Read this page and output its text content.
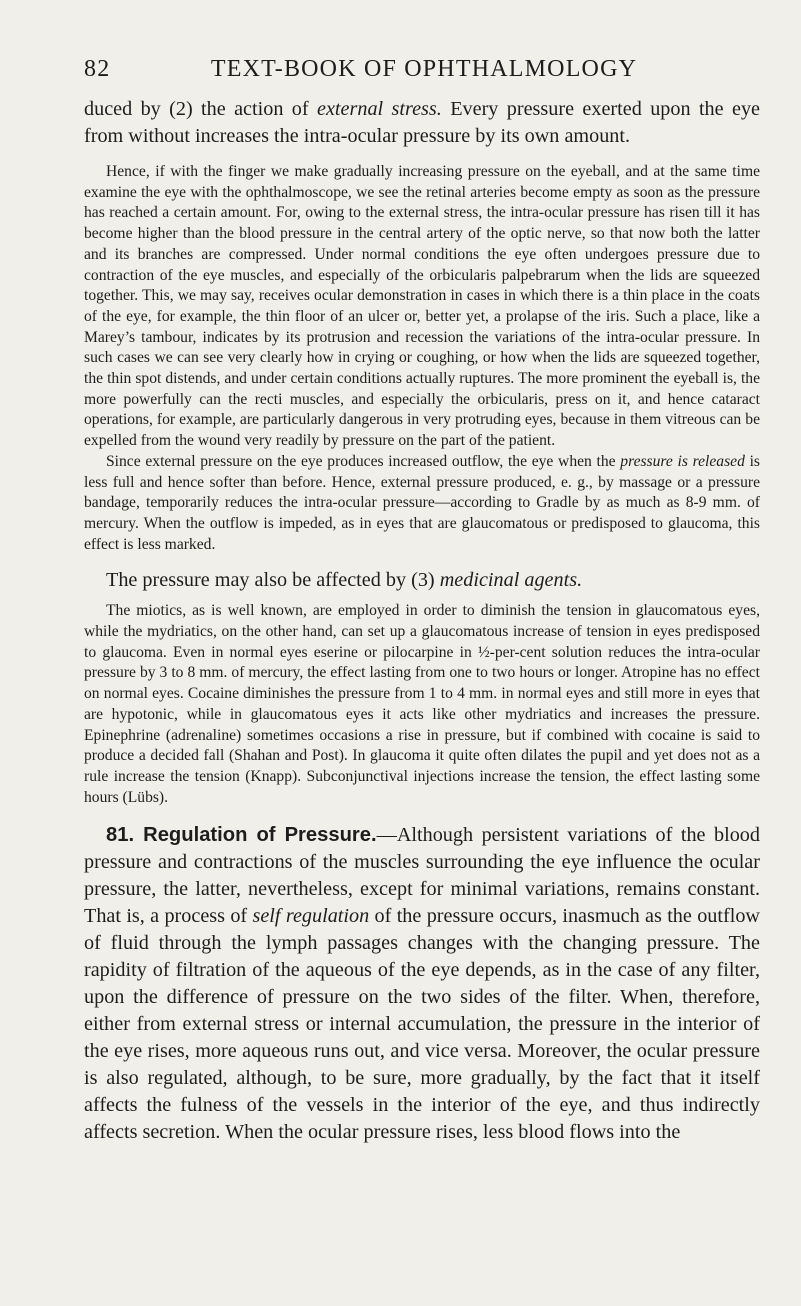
82	TEXT-BOOK OF OPHTHALMOLOGY

duced by (2) the action of external stress. Every pressure exerted upon the eye from without increases the intra-ocular pressure by its own amount.

Hence, if with the finger we make gradually increasing pressure on the eyeball, and at the same time examine the eye with the ophthalmoscope, we see the retinal arteries become empty as soon as the pressure has reached a certain amount. For, owing to the external stress, the intra-ocular pressure has risen till it has become higher than the blood pressure in the central artery of the optic nerve, so that now both the latter and its branches are compressed. Under normal conditions the eye often undergoes pressure due to contraction of the eye muscles, and especially of the orbicularis palpebrarum when the lids are squeezed together. This, we may say, receives ocular demonstration in cases in which there is a thin place in the coats of the eye, for example, the thin floor of an ulcer or, better yet, a prolapse of the iris. Such a place, like a Marey’s tambour, indicates by its protrusion and recession the variations of the intra-ocular pressure. In such cases we can see very clearly how in crying or coughing, or how when the lids are squeezed together, the thin spot distends, and under certain conditions actually ruptures. The more prominent the eyeball is, the more powerfully can the recti muscles, and especially the orbicularis, press on it, and hence cataract operations, for example, are particularly dangerous in very protruding eyes, because in them vitreous can be expelled from the wound very readily by pressure on the part of the patient.

Since external pressure on the eye produces increased outflow, the eye when the pressure is released is less full and hence softer than before. Hence, external pressure produced, e. g., by massage or a pressure bandage, temporarily reduces the intra-ocular pressure—according to Gradle by as much as 8-9 mm. of mercury. When the outflow is impeded, as in eyes that are glaucomatous or predisposed to glaucoma, this effect is less marked.

The pressure may also be affected by (3) medicinal agents.

The miotics, as is well known, are employed in order to diminish the tension in glaucomatous eyes, while the mydriatics, on the other hand, can set up a glaucomatous increase of tension in eyes predisposed to glaucoma. Even in normal eyes eserine or pilocarpine in ½-per-cent solution reduces the intra-ocular pressure by 3 to 8 mm. of mercury, the effect lasting from one to two hours or longer. Atropine has no effect on normal eyes. Cocaine diminishes the pressure from 1 to 4 mm. in normal eyes and still more in eyes that are hypotonic, while in glaucomatous eyes it acts like other mydriatics and increases the pressure. Epinephrine (adrenaline) sometimes occasions a rise in pressure, but if combined with cocaine is said to produce a decided fall (Shahan and Post). In glaucoma it quite often dilates the pupil and yet does not as a rule increase the tension (Knapp). Subconjunctival injections increase the tension, the effect lasting some hours (Lübs).

81. Regulation of Pressure.—Although persistent variations of the blood pressure and contractions of the muscles surrounding the eye influence the ocular pressure, the latter, nevertheless, except for minimal variations, remains constant. That is, a process of self regulation of the pressure occurs, inasmuch as the outflow of fluid through the lymph passages changes with the changing pressure. The rapidity of filtration of the aqueous of the eye depends, as in the case of any filter, upon the difference of pressure on the two sides of the filter. When, therefore, either from external stress or internal accumulation, the pressure in the interior of the eye rises, more aqueous runs out, and vice versa. Moreover, the ocular pressure is also regulated, although, to be sure, more gradually, by the fact that it itself affects the fulness of the vessels in the interior of the eye, and thus indirectly affects secretion. When the ocular pressure rises, less blood flows into the
